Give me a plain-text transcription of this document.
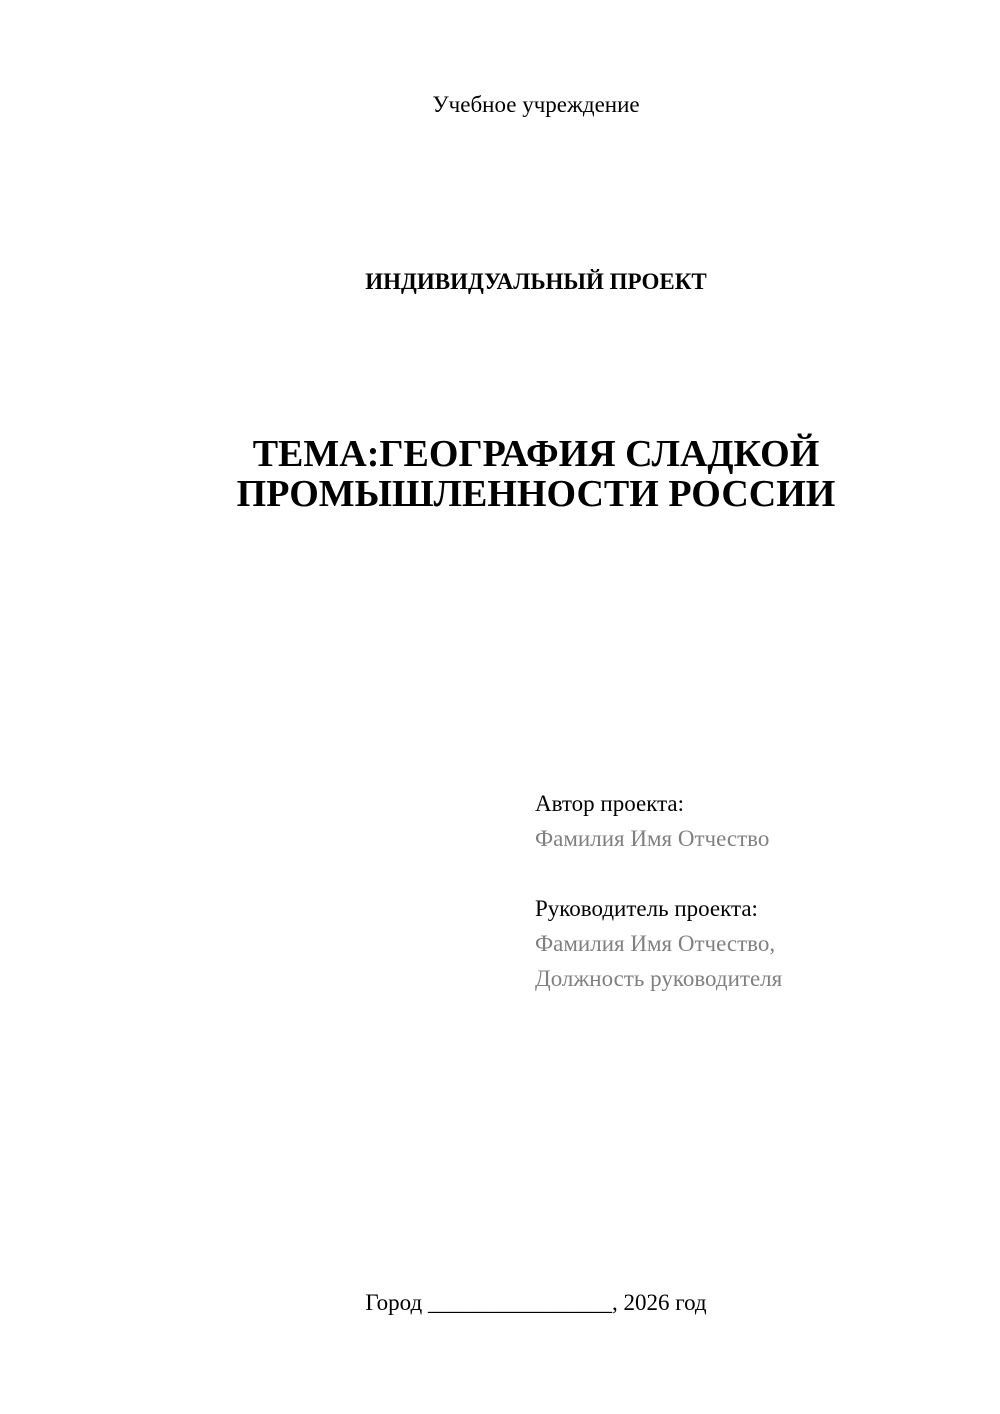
Учебное учреждение
ИНДИВИДУАЛЬНЫЙ ПРОЕКТ
ТЕМА:ГЕОГРАФИЯ СЛАДКОЙ
ПРОМЫШЛЕННОСТИ РОССИИ
Автор проекта:
Фамилия Имя Отчество
Руководитель проекта:
Фамилия Имя Отчество,
Должность руководителя
Город ________________, 2026 год
